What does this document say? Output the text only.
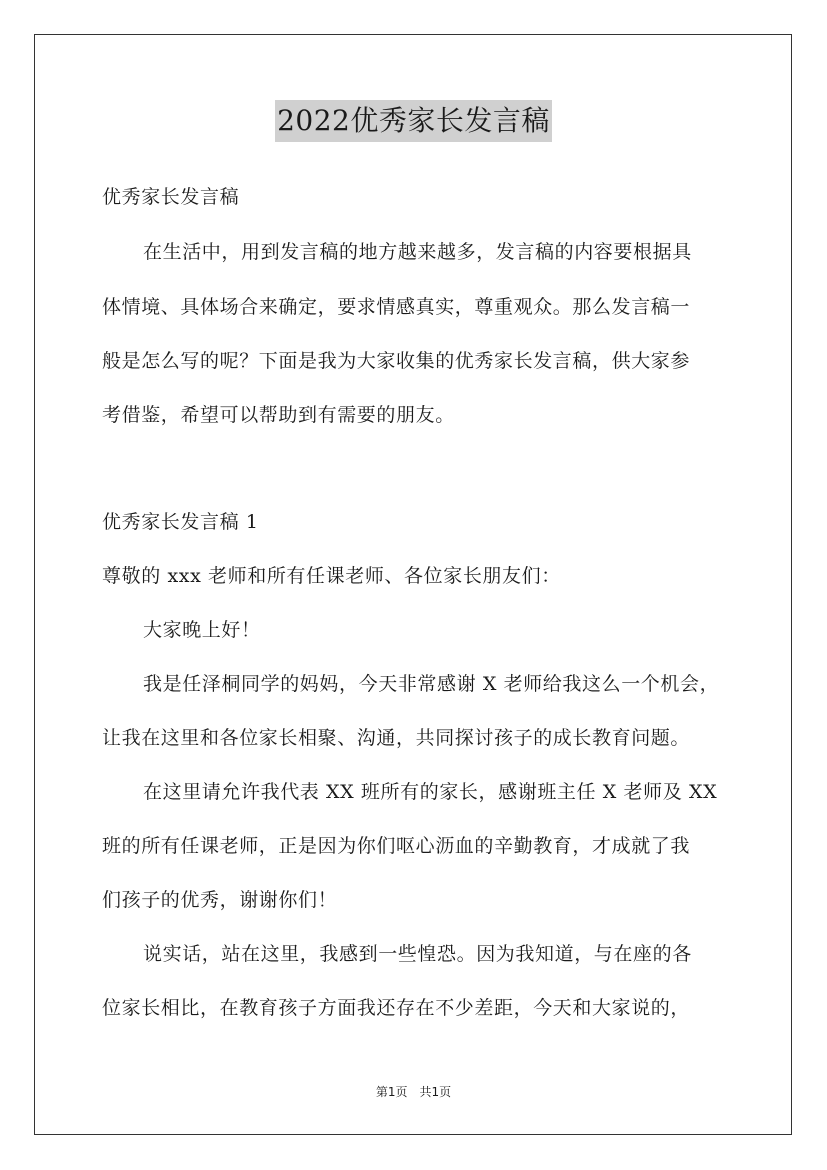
2022优秀家长发言稿
优秀家长发言稿
在生活中，用到发言稿的地方越来越多，发言稿的内容要根据具
体情境、具体场合来确定，要求情感真实，尊重观众。那么发言稿一
般是怎么写的呢？下面是我为大家收集的优秀家长发言稿，供大家参
考借鉴，希望可以帮助到有需要的朋友。
优秀家长发言稿 1
尊敬的 xxx 老师和所有任课老师、各位家长朋友们：
大家晚上好！
我是任泽桐同学的妈妈，今天非常感谢 X 老师给我这么一个机会，
让我在这里和各位家长相聚、沟通，共同探讨孩子的成长教育问题。
在这里请允许我代表 XX 班所有的家长，感谢班主任 X 老师及 XX
班的所有任课老师，正是因为你们呕心沥血的辛勤教育，才成就了我
们孩子的优秀，谢谢你们！
说实话，站在这里，我感到一些惶恐。因为我知道，与在座的各
位家长相比，在教育孩子方面我还存在不少差距，今天和大家说的，
第1页　共1页
